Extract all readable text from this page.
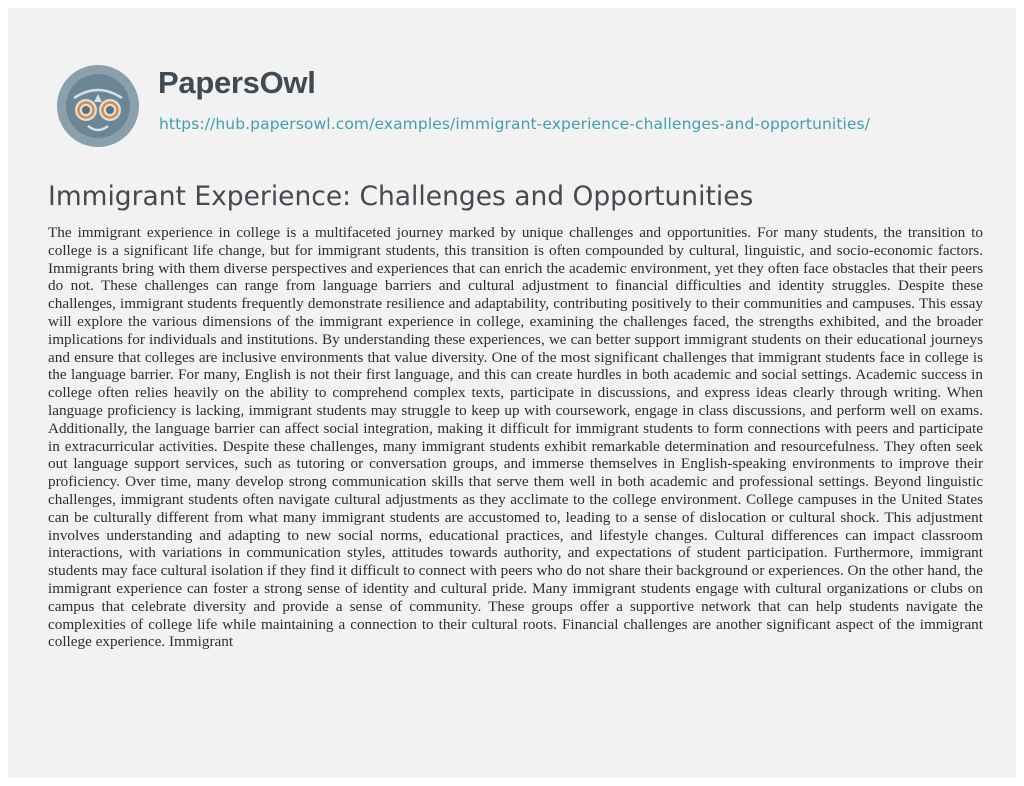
PapersOwl
https://hub.papersowl.com/examples/immigrant-experience-challenges-and-opportunities/
Immigrant Experience: Challenges and Opportunities

The immigrant experience in college is a multifaceted journey marked by unique challenges and opportunities. For many students, the transition to college is a significant life change, but for immigrant students, this transition is often compounded by cultural, linguistic, and socio-economic factors. Immigrants bring with them diverse perspectives and experiences that can enrich the academic environment, yet they often face obstacles that their peers do not. These challenges can range from language barriers and cultural adjustment to financial difficulties and identity struggles. Despite these challenges, immigrant students frequently demonstrate resilience and adaptability, contributing positively to their communities and campuses. This essay will explore the various dimensions of the immigrant experience in college, examining the challenges faced, the strengths exhibited, and the broader implications for individuals and institutions. By understanding these experiences, we can better support immigrant students on their educational journeys and ensure that colleges are inclusive environments that value diversity. One of the most significant challenges that immigrant students face in college is the language barrier. For many, English is not their first language, and this can create hurdles in both academic and social settings. Academic success in college often relies heavily on the ability to comprehend complex texts, participate in discussions, and express ideas clearly through writing. When language proficiency is lacking, immigrant students may struggle to keep up with coursework, engage in class discussions, and perform well on exams. Additionally, the language barrier can affect social integration, making it difficult for immigrant students to form connections with peers and participate in extracurricular activities. Despite these challenges, many immigrant students exhibit remarkable determination and resourcefulness. They often seek out language support services, such as tutoring or conversation groups, and immerse themselves in English-speaking environments to improve their proficiency. Over time, many develop strong communication skills that serve them well in both academic and professional settings. Beyond linguistic challenges, immigrant students often navigate cultural adjustments as they acclimate to the college environment. College campuses in the United States can be culturally different from what many immigrant students are accustomed to, leading to a sense of dislocation or cultural shock. This adjustment involves understanding and adapting to new social norms, educational practices, and lifestyle changes. Cultural differences can impact classroom interactions, with variations in communication styles, attitudes towards authority, and expectations of student participation. Furthermore, immigrant students may face cultural isolation if they find it difficult to connect with peers who do not share their background or experiences. On the other hand, the immigrant experience can foster a strong sense of identity and cultural pride. Many immigrant students engage with cultural organizations or clubs on campus that celebrate diversity and provide a sense of community. These groups offer a supportive network that can help students navigate the complexities of college life while maintaining a connection to their cultural roots. Financial challenges are another significant aspect of the immigrant college experience. Immigrant
